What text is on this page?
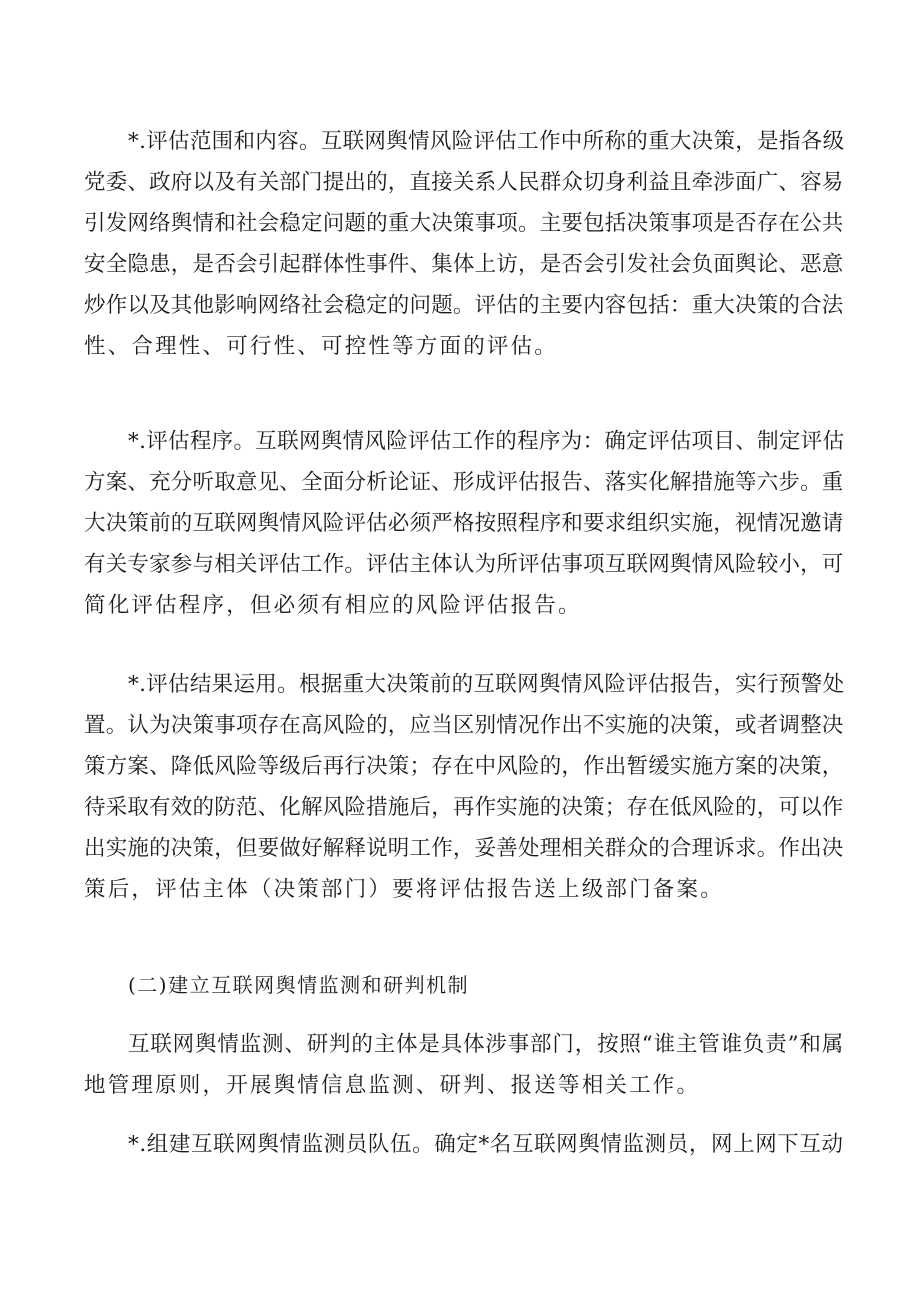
*.评估范围和内容。互联网舆情风险评估工作中所称的重大决策，是指各级
党委、政府以及有关部门提出的，直接关系人民群众切身利益且牵涉面广、容易
引发网络舆情和社会稳定问题的重大决策事项。主要包括决策事项是否存在公共
安全隐患，是否会引起群体性事件、集体上访，是否会引发社会负面舆论、恶意
炒作以及其他影响网络社会稳定的问题。评估的主要内容包括：重大决策的合法
性、合理性、可行性、可控性等方面的评估。
*.评估程序。互联网舆情风险评估工作的程序为：确定评估项目、制定评估
方案、充分听取意见、全面分析论证、形成评估报告、落实化解措施等六步。重
大决策前的互联网舆情风险评估必须严格按照程序和要求组织实施，视情况邀请
有关专家参与相关评估工作。评估主体认为所评估事项互联网舆情风险较小，可
简化评估程序，但必须有相应的风险评估报告。
*.评估结果运用。根据重大决策前的互联网舆情风险评估报告，实行预警处
置。认为决策事项存在高风险的，应当区别情况作出不实施的决策，或者调整决
策方案、降低风险等级后再行决策；存在中风险的，作出暂缓实施方案的决策，
待采取有效的防范、化解风险措施后，再作实施的决策；存在低风险的，可以作
出实施的决策，但要做好解释说明工作，妥善处理相关群众的合理诉求。作出决
策后，评估主体（决策部门）要将评估报告送上级部门备案。
(二)建立互联网舆情监测和研判机制
互联网舆情监测、研判的主体是具体涉事部门，按照“谁主管谁负责”和属
地管理原则，开展舆情信息监测、研判、报送等相关工作。
*.组建互联网舆情监测员队伍。确定*名互联网舆情监测员，网上网下互动
